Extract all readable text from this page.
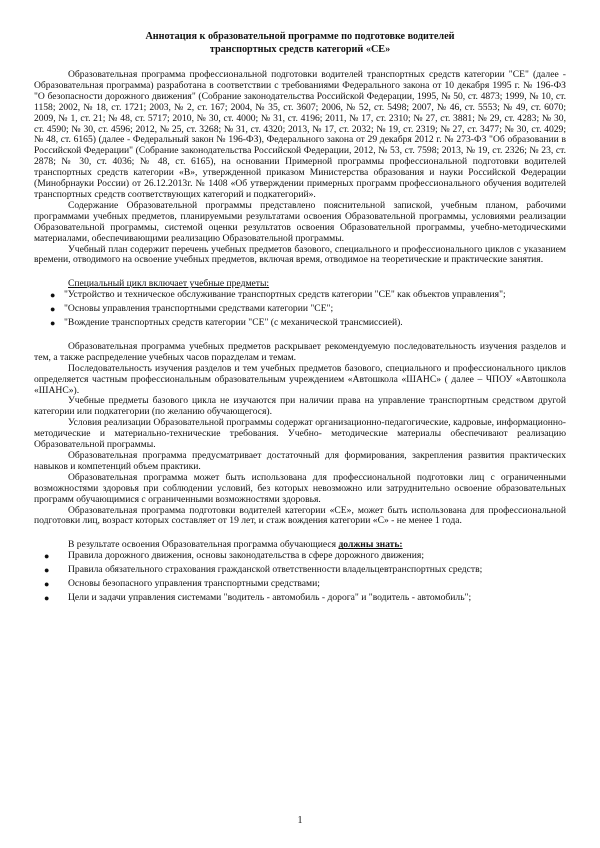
Аннотация к образовательной программе по подготовке водителей
транспортных средств категорий «СЕ»

Образовательная программа профессиональной подготовки водителей транспортных средств категории "СЕ" (далее - Образовательная программа) разработана в соответствии с требованиями Федерального закона от 10 декабря 1995 г. № 196-ФЗ "О безопасности дорожного движения" (Собрание законодательства Российской Федерации, 1995, № 50, ст. 4873; 1999, № 10, ст. 1158; 2002, № 18, ст. 1721; 2003, № 2, ст. 167; 2004, № 35, ст. 3607; 2006, № 52, ст. 5498; 2007, № 46, ст. 5553; № 49, ст. 6070; 2009, № 1, ст. 21; № 48, ст. 5717; 2010, № 30, ст. 4000; № 31, ст. 4196; 2011, № 17, ст. 2310; № 27, ст. 3881; № 29, ст. 4283; № 30, ст. 4590; № 30, ст. 4596; 2012, № 25, ст. 3268; № 31, ст. 4320; 2013, № 17, ст. 2032; № 19, ст. 2319; № 27, ст. 3477; № 30, ст. 4029; № 48, ст. 6165) (далее - Федеральный закон № 196-ФЗ), Федерального закона от 29 декабря 2012 г. № 273-ФЗ "Об образовании в Российской Федерации" (Собрание законодательства Российской Федерации, 2012, № 53, ст. 7598; 2013, № 19, ст. 2326; № 23, ст. 2878; № 30, ст. 4036; № 48, ст. 6165), на основании Примерной программы профессиональной подготовки водителей транспортных средств категории «В», утвержденной приказом Министерства образования и науки Российской Федерации (Минобрнауки России) от 26.12.2013г. № 1408 «Об утверждении примерных программ профессионального обучения водителей транспортных средств соответствующих категорий и подкатегорий».

Содержание Образовательной программы представлено пояснительной запиской, учебным планом, рабочими программами учебных предметов, планируемыми результатами освоения Образовательной программы, условиями реализации Образовательной программы, системой оценки результатов освоения Образовательной программы, учебно-методическими материалами, обеспечивающими реализацию Образовательной программы.

Учебный план содержит перечень учебных предметов базового, специального и профессионального циклов с указанием времени, отводимого на освоение учебных предметов, включая время, отводимое на теоретические и практические занятия.

Специальный цикл включает учебные предметы:

● "Устройство и техническое обслуживание транспортных средств категории "СЕ" как объектов управления";
● "Основы управления транспортными средствами категории "СЕ";
● "Вождение транспортных средств категории "СЕ" (с механической трансмиссией).

Образовательная программа учебных предметов раскрывает рекомендуемую последовательность изучения разделов и тем, а также распределение учебных часов порazделам и темам.

Последовательность изучения разделов и тем учебных предметов базового, специального и профессионального циклов определяется частным профессиональным образовательным учреждением «Автошкола «ШАНС» ( далее – ЧПОУ «Автошкола «ШАНС»).

Учебные предметы базового цикла не изучаются при наличии права на управление транспортным средством другой категории или подкатегории (по желанию обучающегося).

Условия реализации Образовательной программы содержат организационно-педагогические, кадровые, информационно-методические и материально-технические требования. Учебно- методические материалы обеспечивают реализацию Образовательной программы.

Образовательная программа предусматривает достаточный для формирования, закрепления развития практических навыков и компетенций объем практики.

Образовательная программа может быть использована для профессиональной подготовки лиц с ограниченными возможностями здоровья при соблюдении условий, без которых невозможно или затруднительно освоение образовательных программ обучающимися с ограниченными возможностями здоровья.

Образовательная программа подготовки водителей категории «СЕ», может быть использована для профессиональной подготовки лиц, возраст которых составляет от 19 лет, и стаж вождения категории «С» - не менее 1 года.

В результате освоения Образовательная программа обучающиеся должны знать:

● Правила дорожного движения, основы законодательства в сфере дорожного движения;
● Правила обязательного страхования гражданской ответственности владельцевтранспортных средств;
● Основы безопасного управления транспортными средствами;
● Цели и задачи управления системами "водитель - автомобиль - дорога" и "водитель - автомобиль";
1
